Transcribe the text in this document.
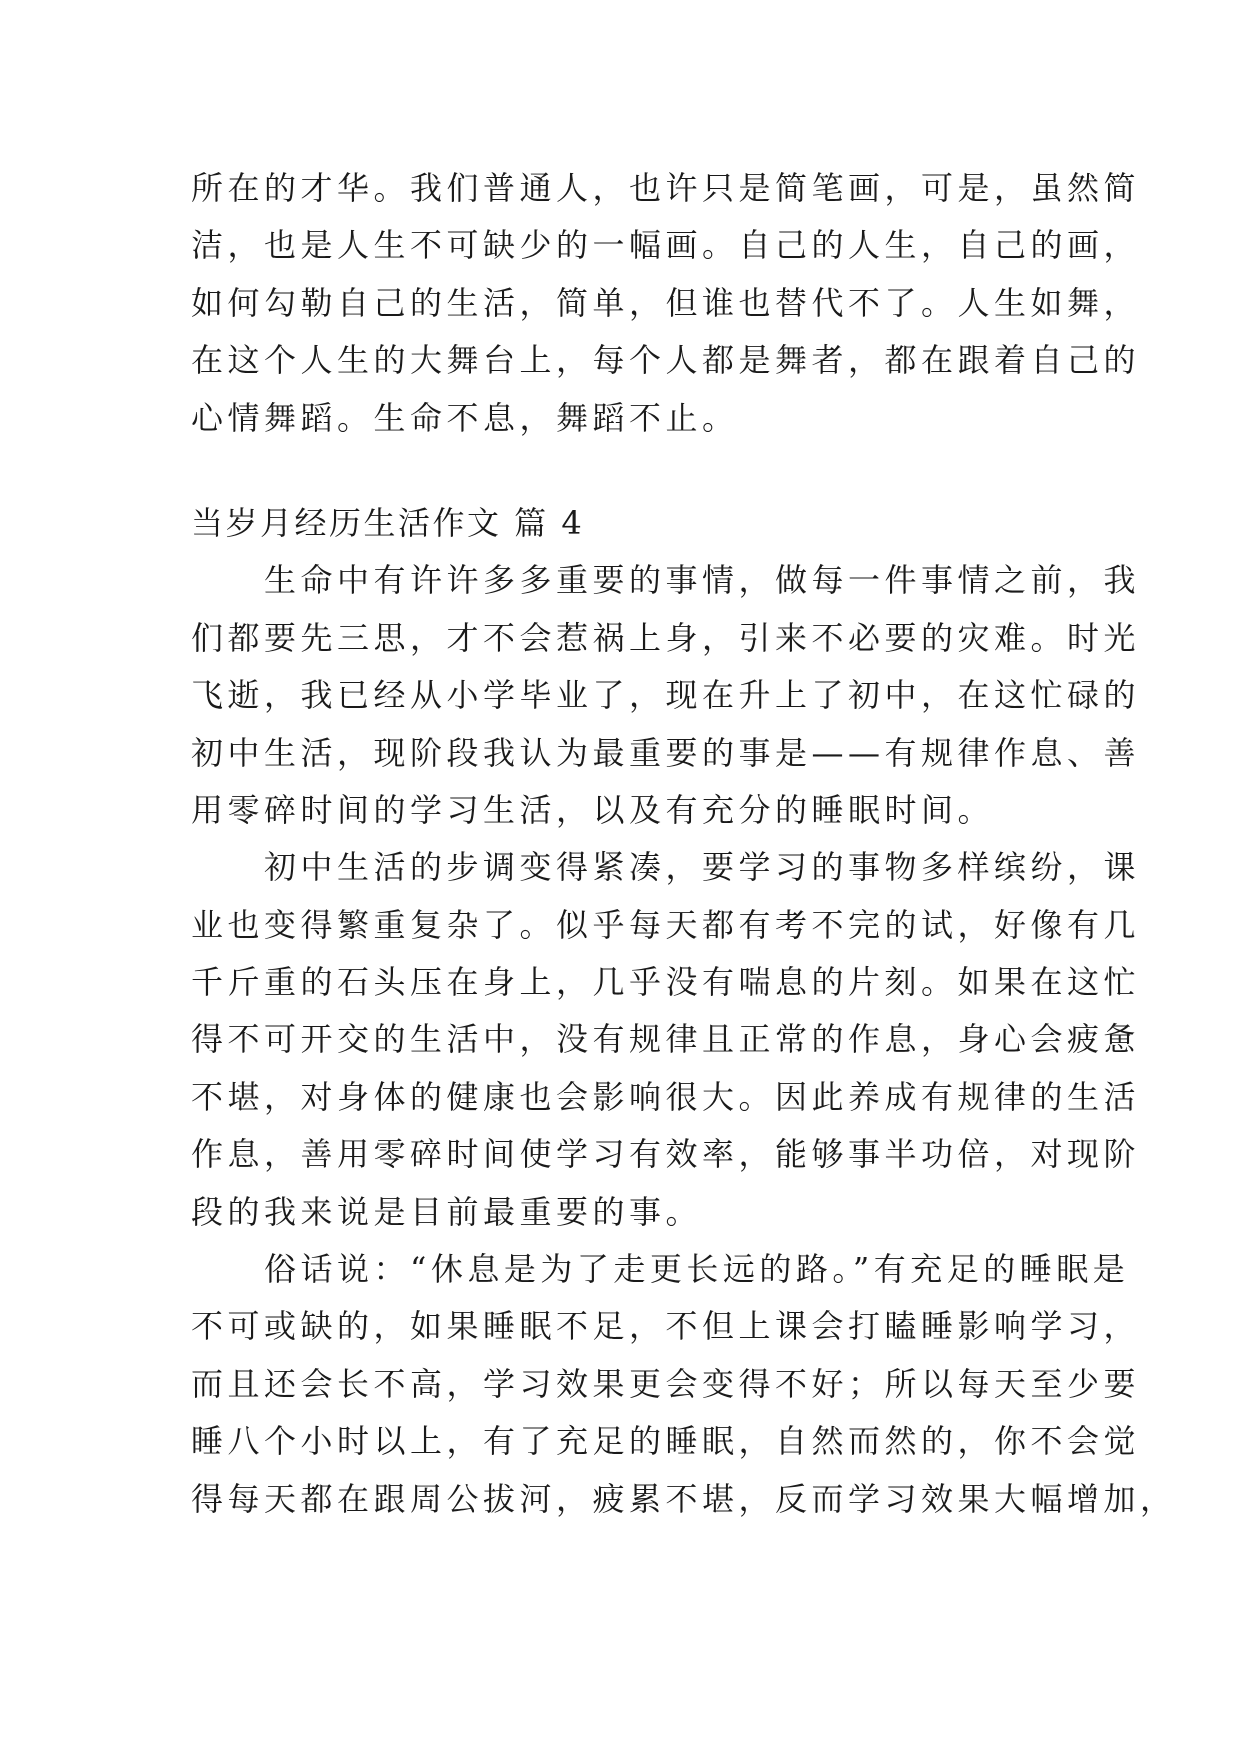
所在的才华。我们普通人，也许只是简笔画，可是，虽然简
洁，也是人生不可缺少的一幅画。自己的人生，自己的画，
如何勾勒自己的生活，简单，但谁也替代不了。人生如舞，
在这个人生的大舞台上，每个人都是舞者，都在跟着自己的
心情舞蹈。生命不息，舞蹈不止。
当岁月经历生活作文 篇 4
　　生命中有许许多多重要的事情，做每一件事情之前，我
们都要先三思，才不会惹祸上身，引来不必要的灾难。时光
飞逝，我已经从小学毕业了，现在升上了初中，在这忙碌的
初中生活，现阶段我认为最重要的事是——有规律作息、善
用零碎时间的学习生活，以及有充分的睡眠时间。
　　初中生活的步调变得紧凑，要学习的事物多样缤纷，课
业也变得繁重复杂了。似乎每天都有考不完的试，好像有几
千斤重的石头压在身上，几乎没有喘息的片刻。如果在这忙
得不可开交的生活中，没有规律且正常的作息，身心会疲惫
不堪，对身体的健康也会影响很大。因此养成有规律的生活
作息，善用零碎时间使学习有效率，能够事半功倍，对现阶
段的我来说是目前最重要的事。
　　俗话说：“休息是为了走更长远的路。”有充足的睡眠是
不可或缺的，如果睡眠不足，不但上课会打瞌睡影响学习，
而且还会长不高，学习效果更会变得不好；所以每天至少要
睡八个小时以上，有了充足的睡眠，自然而然的，你不会觉
得每天都在跟周公拔河，疲累不堪，反而学习效果大幅增加，
